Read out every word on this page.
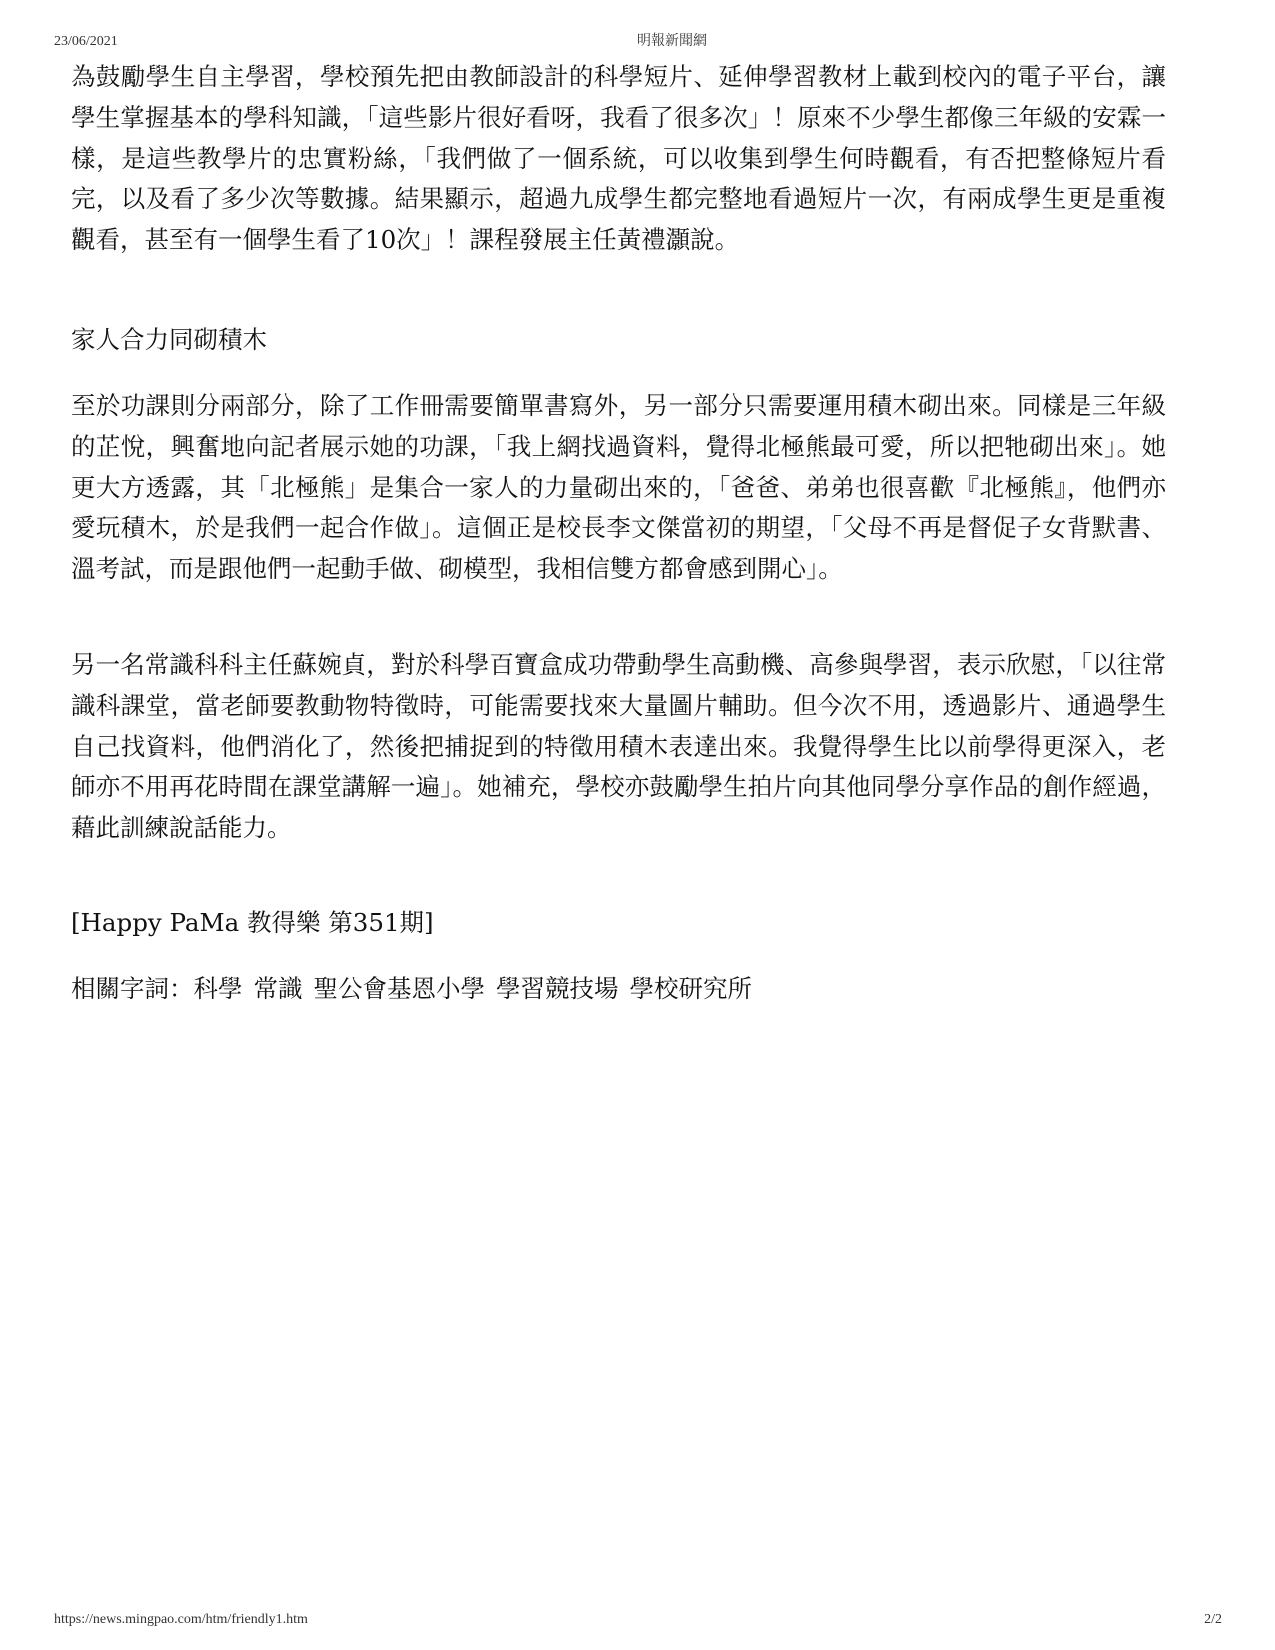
23/06/2021	明報新聞網

為鼓勵學生自主學習，學校預先把由教師設計的科學短片、延伸學習教材上載到校內的電子平台，讓學生掌握基本的學科知識，「這些影片很好看呀，我看了很多次」！原來不少學生都像三年級的安霖一樣，是這些教學片的忠實粉絲，「我們做了一個系統，可以收集到學生何時觀看，有否把整條短片看完，以及看了多少次等數據。結果顯示，超過九成學生都完整地看過短片一次，有兩成學生更是重複觀看，甚至有一個學生看了10次」！課程發展主任黃禮灝說。

家人合力同砌積木

至於功課則分兩部分，除了工作冊需要簡單書寫外，另一部分只需要運用積木砌出來。同樣是三年級的芷悅，興奮地向記者展示她的功課，「我上網找過資料，覺得北極熊最可愛，所以把牠砌出來」。她更大方透露，其「北極熊」是集合一家人的力量砌出來的，「爸爸、弟弟也很喜歡『北極熊』，他們亦愛玩積木，於是我們一起合作做」。這個正是校長李文傑當初的期望，「父母不再是督促子女背默書、溫考試，而是跟他們一起動手做、砌模型，我相信雙方都會感到開心」。

另一名常識科科主任蘇婉貞，對於科學百寶盒成功帶動學生高動機、高參與學習，表示欣慰，「以往常識科課堂，當老師要教動物特徵時，可能需要找來大量圖片輔助。但今次不用，透過影片、通過學生自己找資料，他們消化了，然後把捕捉到的特徵用積木表達出來。我覺得學生比以前學得更深入，老師亦不用再花時間在課堂講解一遍」。她補充，學校亦鼓勵學生拍片向其他同學分享作品的創作經過，藉此訓練說話能力。

[Happy PaMa 教得樂 第351期]

相關字詞：科學 常識 聖公會基恩小學 學習競技場 學校研究所

https://news.mingpao.com/htm/friendly1.htm	2/2
